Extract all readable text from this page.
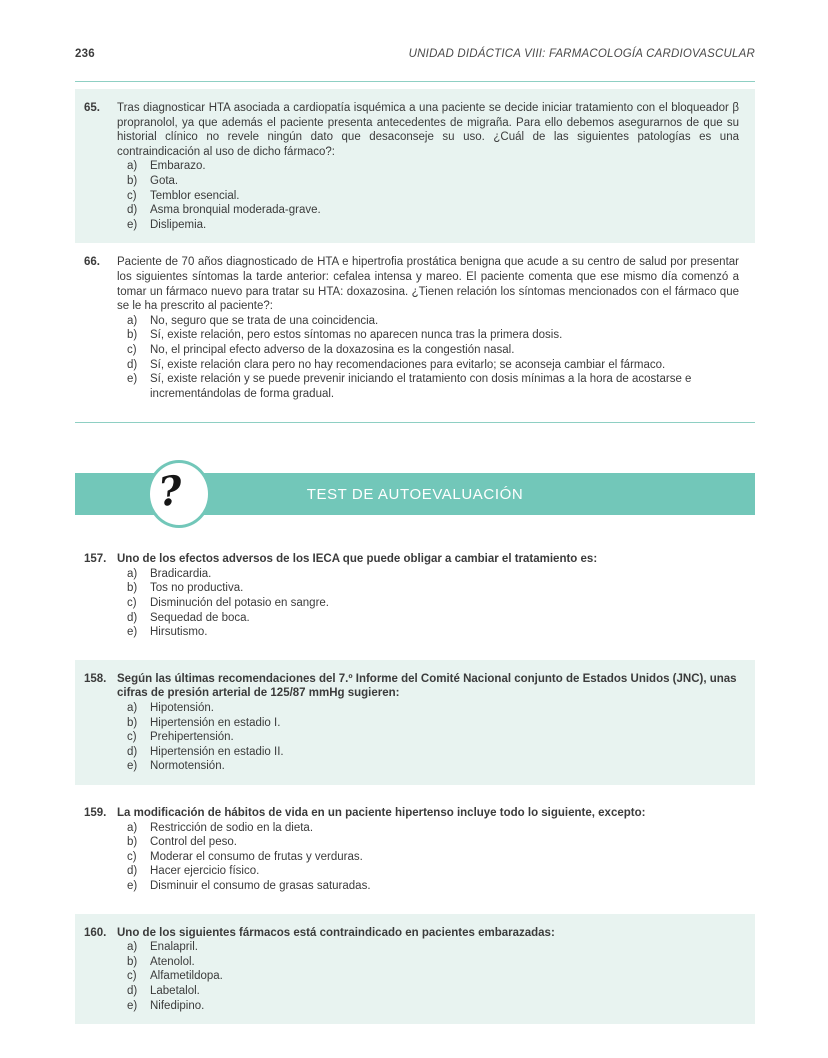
236	UNIDAD DIDÁCTICA VIII: FARMACOLOGÍA CARDIOVASCULAR
65.	Tras diagnosticar HTA asociada a cardiopatía isquémica a una paciente se decide iniciar tratamiento con el bloqueador β propranolol, ya que además el paciente presenta antecedentes de migraña. Para ello debemos asegurarnos de que su historial clínico no revele ningún dato que desaconseje su uso. ¿Cuál de las siguientes patologías es una contraindicación al uso de dicho fármaco?:

a)	Embarazo.
b)	Gota.
c)	Temblor esencial.
d)	Asma bronquial moderada-grave.
e)	Dislipemia.
66.	Paciente de 70 años diagnosticado de HTA e hipertrofia prostática benigna que acude a su centro de salud por presentar los siguientes síntomas la tarde anterior: cefalea intensa y mareo. El paciente comenta que ese mismo día comenzó a tomar un fármaco nuevo para tratar su HTA: doxazosina. ¿Tienen relación los síntomas mencionados con el fármaco que se le ha prescrito al paciente?:

a)	No, seguro que se trata de una coincidencia.
b)	Sí, existe relación, pero estos síntomas no aparecen nunca tras la primera dosis.
c)	No, el principal efecto adverso de la doxazosina es la congestión nasal.
d)	Sí, existe relación clara pero no hay recomendaciones para evitarlo; se aconseja cambiar el fármaco.
e)	Sí, existe relación y se puede prevenir iniciando el tratamiento con dosis mínimas a la hora de acostarse e incrementándolas de forma gradual.
?	TEST DE AUTOEVALUACIÓN
157. Uno de los efectos adversos de los IECA que puede obligar a cambiar el tratamiento es:

a)	Bradicardia.
b)	Tos no productiva.
c)	Disminución del potasio en sangre.
d)	Sequedad de boca.
e)	Hirsutismo.
158. Según las últimas recomendaciones del 7.º Informe del Comité Nacional conjunto de Estados Unidos (JNC), unas cifras de presión arterial de 125/87 mmHg sugieren:

a)	Hipotensión.
b)	Hipertensión en estadio I.
c)	Prehipertensión.
d)	Hipertensión en estadio II.
e)	Normotensión.
159. La modificación de hábitos de vida en un paciente hipertenso incluye todo lo siguiente, excepto:

a)	Restricción de sodio en la dieta.
b)	Control del peso.
c)	Moderar el consumo de frutas y verduras.
d)	Hacer ejercicio físico.
e)	Disminuir el consumo de grasas saturadas.
160. Uno de los siguientes fármacos está contraindicado en pacientes embarazadas:

a)	Enalapril.
b)	Atenolol.
c)	Alfametildopa.
d)	Labetalol.
e)	Nifedipino.
